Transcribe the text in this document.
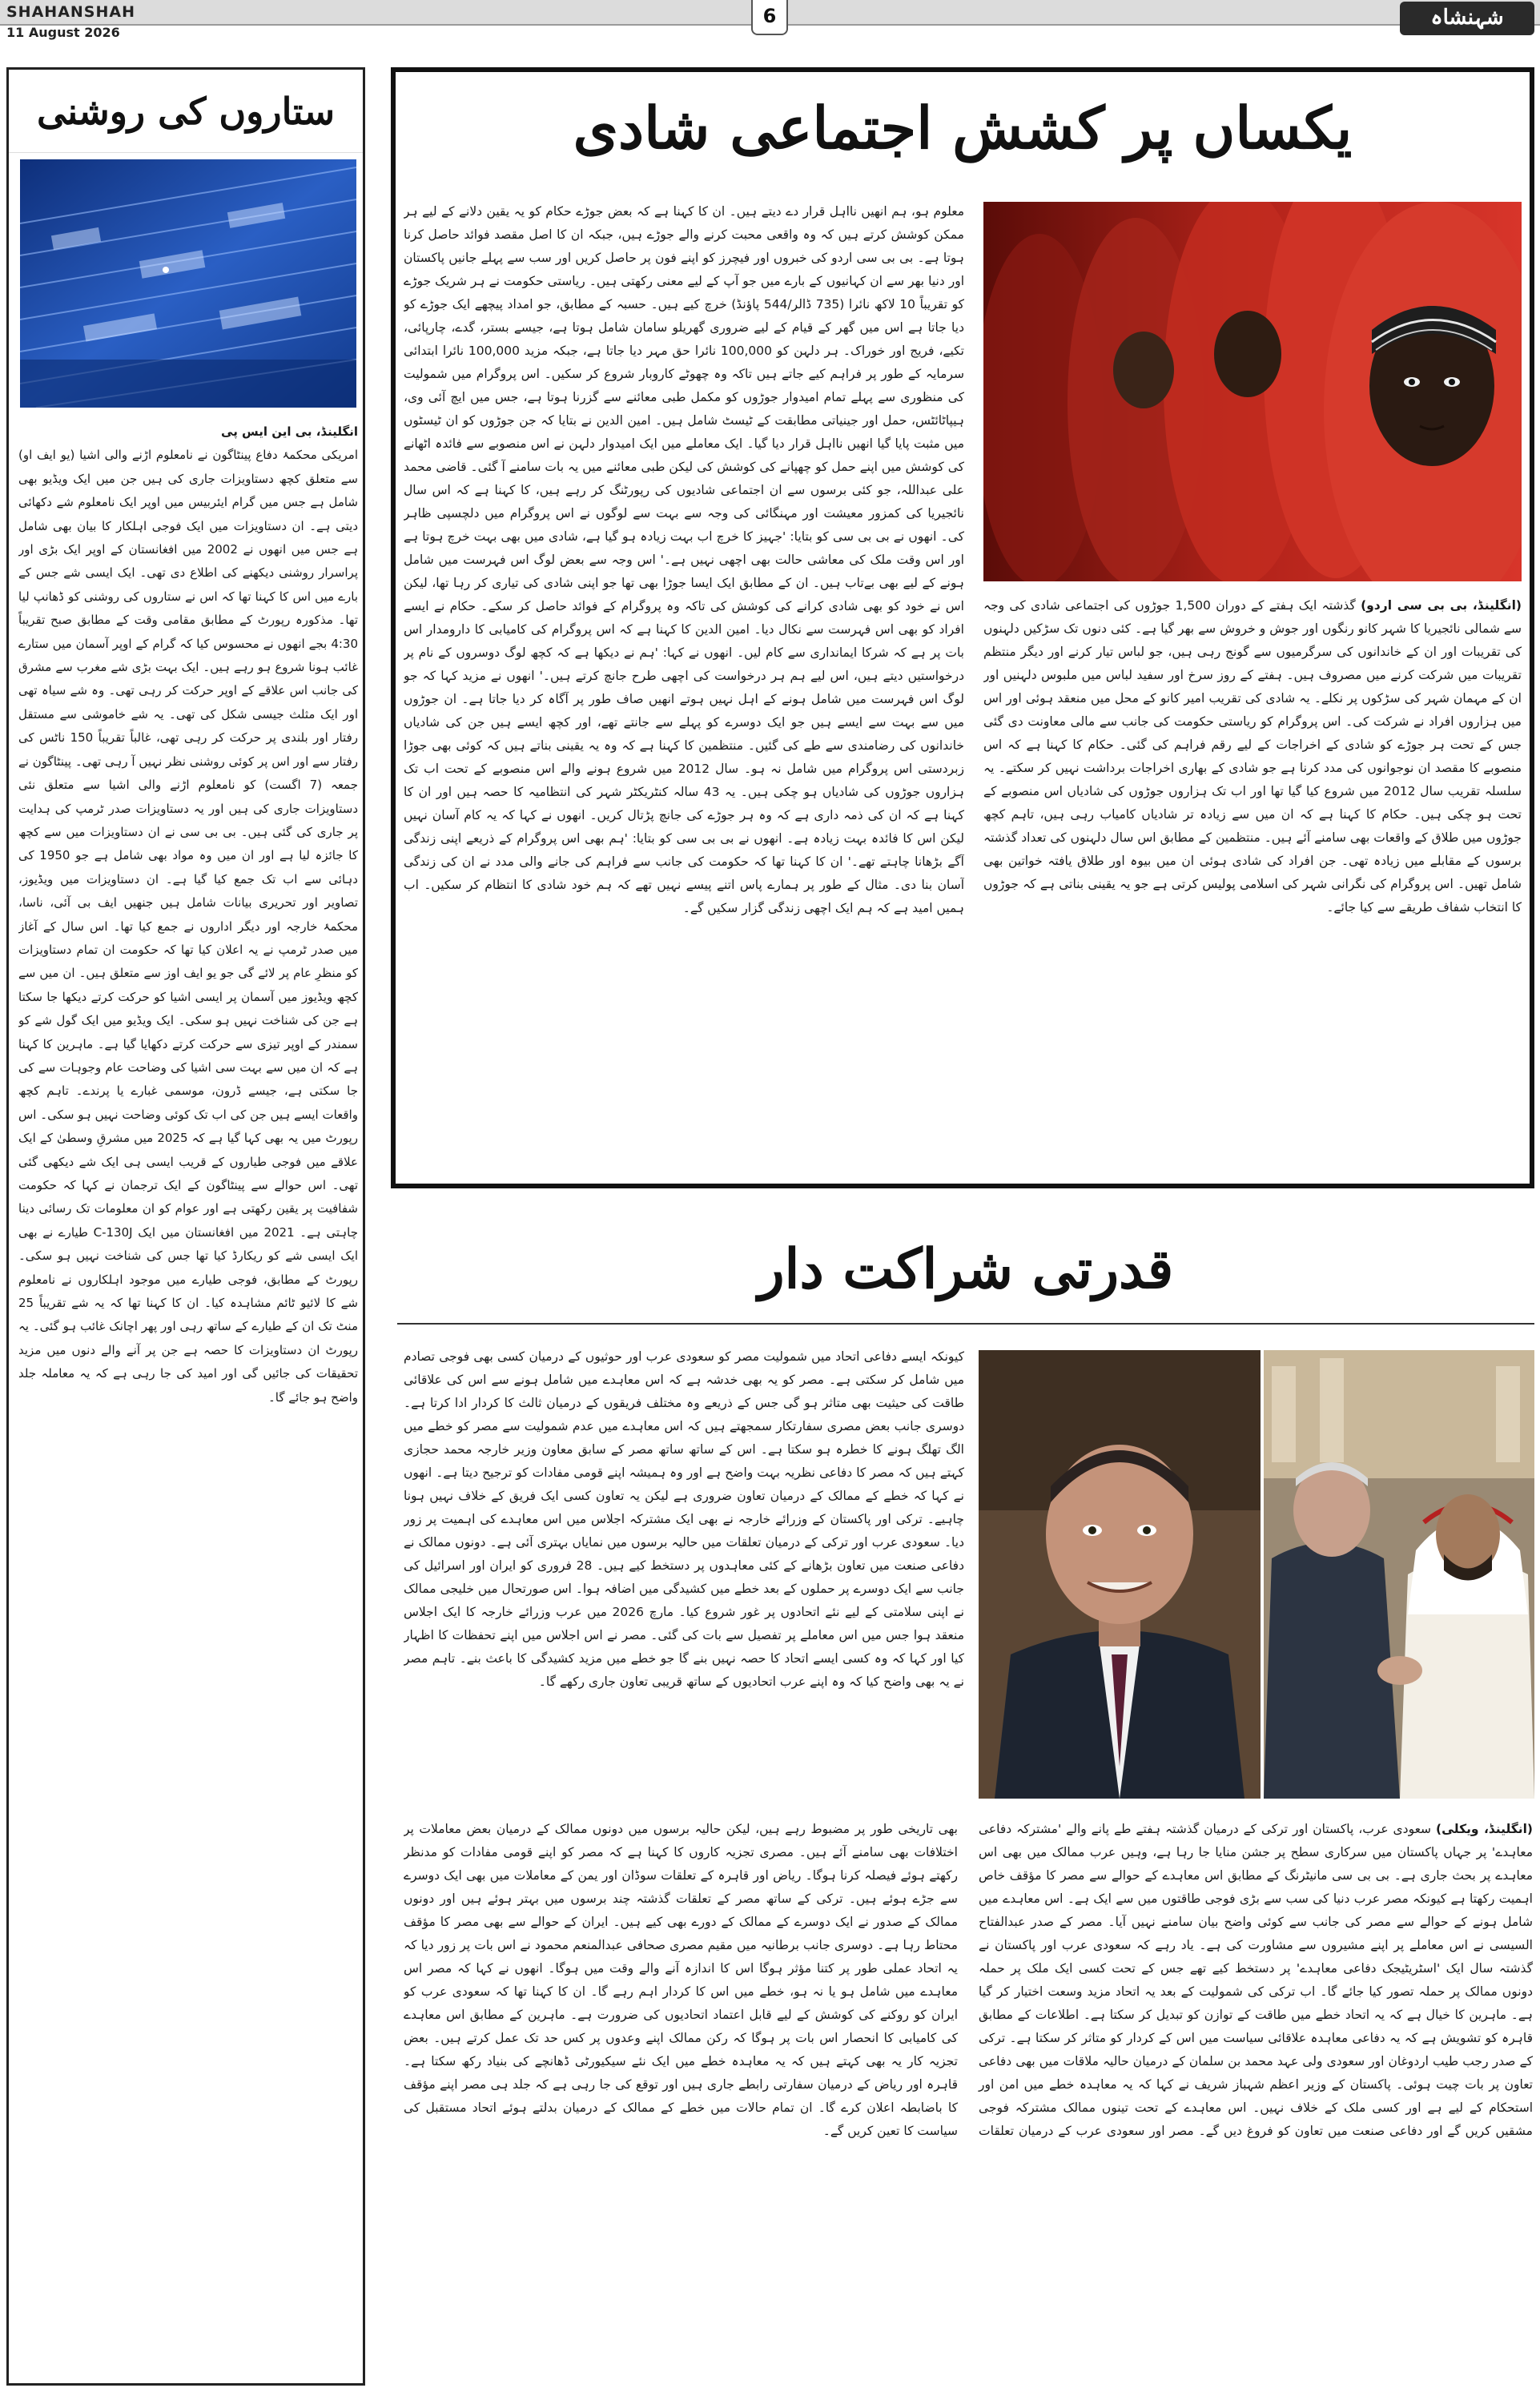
SHAHANSHAH
11 August 2026
6	شہنشاہ
ستاروں کی روشنی

انگلینڈ، بی این ایس پی

امریکی محکمۂ دفاع پینٹاگون نے نامعلوم اڑنے والی اشیا (یو ایف او) سے متعلق کچھ دستاویزات جاری کی ہیں جن میں ایک ویڈیو بھی شامل ہے جس میں گرام ایئربیس میں اوپر ایک نامعلوم شے دکھائی دیتی ہے۔ ان دستاویزات میں ایک فوجی اہلکار کا بیان بھی شامل ہے جس میں انھوں نے 2002 میں افغانستان کے اوپر ایک بڑی اور پراسرار روشنی دیکھنے کی اطلاع دی تھی۔ ایک ایسی شے جس کے بارے میں اس کا کہنا تھا کہ اس نے ستاروں کی روشنی کو ڈھانپ لیا تھا۔ مذکورہ رپورٹ کے مطابق مقامی وقت کے مطابق صبح تقریباً 4:30 بجے انھوں نے محسوس کیا کہ گرام کے اوپر آسمان میں ستارے غائب ہونا شروع ہو رہے ہیں۔ ایک بہت بڑی شے مغرب سے مشرق کی جانب اس علاقے کے اوپر حرکت کر رہی تھی۔ وہ شے سیاہ تھی اور ایک مثلث جیسی شکل کی تھی۔ یہ شے خاموشی سے مستقل رفتار اور بلندی پر حرکت کر رہی تھی، غالباً تقریباً 150 ناٹس کی رفتار سے اور اس پر کوئی روشنی نظر نہیں آ رہی تھی۔ پینٹاگون نے جمعہ (7 اگست) کو نامعلوم اڑنے والی اشیا سے متعلق نئی دستاویزات جاری کی ہیں اور یہ دستاویزات صدر ٹرمپ کی ہدایت پر جاری کی گئی ہیں۔ بی بی سی نے ان دستاویزات میں سے کچھ کا جائزہ لیا ہے اور ان میں وہ مواد بھی شامل ہے جو 1950 کی دہائی سے اب تک جمع کیا گیا ہے۔ ان دستاویزات میں ویڈیوز، تصاویر اور تحریری بیانات شامل ہیں جنھیں ایف بی آئی، ناسا، محکمۂ خارجہ اور دیگر اداروں نے جمع کیا تھا۔ اس سال کے آغاز میں صدر ٹرمپ نے یہ اعلان کیا تھا کہ حکومت ان تمام دستاویزات کو منظرِ عام پر لائے گی جو یو ایف اوز سے متعلق ہیں۔ ان میں سے کچھ ویڈیوز میں آسمان پر ایسی اشیا کو حرکت کرتے دیکھا جا سکتا ہے جن کی شناخت نہیں ہو سکی۔ ایک ویڈیو میں ایک گول شے کو سمندر کے اوپر تیزی سے حرکت کرتے دکھایا گیا ہے۔ ماہرین کا کہنا ہے کہ ان میں سے بہت سی اشیا کی وضاحت عام وجوہات سے کی جا سکتی ہے، جیسے ڈرون، موسمی غبارے یا پرندے۔ تاہم کچھ واقعات ایسے ہیں جن کی اب تک کوئی وضاحت نہیں ہو سکی۔ اس رپورٹ میں یہ بھی کہا گیا ہے کہ 2025 میں مشرقِ وسطیٰ کے ایک علاقے میں فوجی طیاروں کے قریب ایسی ہی ایک شے دیکھی گئی تھی۔ اس حوالے سے پینٹاگون کے ایک ترجمان نے کہا کہ حکومت شفافیت پر یقین رکھتی ہے اور عوام کو ان معلومات تک رسائی دینا چاہتی ہے۔ 2021 میں افغانستان میں ایک C-130J طیارے نے بھی ایک ایسی شے کو ریکارڈ کیا تھا جس کی شناخت نہیں ہو سکی۔ رپورٹ کے مطابق، فوجی طیارے میں موجود اہلکاروں نے نامعلوم شے کا لائیو ٹائم مشاہدہ کیا۔ ان کا کہنا تھا کہ یہ شے تقریباً 25 منٹ تک ان کے طیارے کے ساتھ رہی اور پھر اچانک غائب ہو گئی۔ یہ رپورٹ ان دستاویزات کا حصہ ہے جن پر آنے والے دنوں میں مزید تحقیقات کی جائیں گی اور امید کی جا رہی ہے کہ یہ معاملہ جلد واضح ہو جائے گا۔

یکساں پر کشش اجتماعی شادی

(انگلینڈ، بی بی سی اردو) گذشتہ ایک ہفتے کے دوران 1,500 جوڑوں کی اجتماعی شادی کی وجہ سے شمالی نائجیریا کا شہر کانو رنگوں اور جوش و خروش سے بھر گیا ہے۔ کئی دنوں تک سڑکیں دلہنوں کی تقریبات اور ان کے خاندانوں کی سرگرمیوں سے گونج رہی ہیں، جو لباس تیار کرنے اور دیگر منتظم تقریبات میں شرکت کرنے میں مصروف ہیں۔ ہفتے کے روز سرخ اور سفید لباس میں ملبوس دلہنیں اور ان کے مہمان شہر کی سڑکوں پر نکلے۔ یہ شادی کی تقریب امیر کانو کے محل میں منعقد ہوئی اور اس میں ہزاروں افراد نے شرکت کی۔ اس پروگرام کو ریاستی حکومت کی جانب سے مالی معاونت دی گئی جس کے تحت ہر جوڑے کو شادی کے اخراجات کے لیے رقم فراہم کی گئی۔ حکام کا کہنا ہے کہ اس منصوبے کا مقصد ان نوجوانوں کی مدد کرنا ہے جو شادی کے بھاری اخراجات برداشت نہیں کر سکتے۔ یہ سلسلہ تقریب سال 2012 میں شروع کیا گیا تھا اور اب تک ہزاروں جوڑوں کی شادیاں اس منصوبے کے تحت ہو چکی ہیں۔ حکام کا کہنا ہے کہ ان میں سے زیادہ تر شادیاں کامیاب رہی ہیں، تاہم کچھ جوڑوں میں طلاق کے واقعات بھی سامنے آئے ہیں۔ منتظمین کے مطابق اس سال دلہنوں کی تعداد گذشتہ برسوں کے مقابلے میں زیادہ تھی۔ جن افراد کی شادی ہوئی ان میں بیوہ اور طلاق یافتہ خواتین بھی شامل تھیں۔ اس پروگرام کی نگرانی شہر کی اسلامی پولیس کرتی ہے جو یہ یقینی بناتی ہے کہ جوڑوں کا انتخاب شفاف طریقے سے کیا جائے۔

معلوم ہو، ہم انھیں نااہل قرار دے دیتے ہیں۔ ان کا کہنا ہے کہ بعض جوڑے حکام کو یہ یقین دلانے کے لیے ہر ممکن کوشش کرتے ہیں کہ وہ واقعی محبت کرنے والے جوڑے ہیں، جبکہ ان کا اصل مقصد فوائد حاصل کرنا ہوتا ہے۔ بی بی سی اردو کی خبروں اور فیچرز کو اپنے فون پر حاصل کریں اور سب سے پہلے جانیں پاکستان اور دنیا بھر سے ان کہانیوں کے بارے میں جو آپ کے لیے معنی رکھتی ہیں۔ ریاستی حکومت نے ہر شریک جوڑے کو تقریباً 10 لاکھ نائرا (735 ڈالر/544 پاؤنڈ) خرچ کیے ہیں۔ حسبہ کے مطابق، جو امداد پیچھے ایک جوڑے کو دیا جاتا ہے اس میں گھر کے قیام کے لیے ضروری گھریلو سامان شامل ہوتا ہے، جیسے بستر، گدے، چارپائی، تکیے، فریج اور خوراک۔ ہر دلہن کو 100,000 نائرا حق مہر دیا جاتا ہے، جبکہ مزید 100,000 نائرا ابتدائی سرمایہ کے طور پر فراہم کیے جاتے ہیں تاکہ وہ چھوٹے کاروبار شروع کر سکیں۔ اس پروگرام میں شمولیت کی منظوری سے پہلے تمام امیدوار جوڑوں کو مکمل طبی معائنے سے گزرنا ہوتا ہے، جس میں ایچ آئی وی، ہیپاٹائٹس، حمل اور جینیاتی مطابقت کے ٹیسٹ شامل ہیں۔ امین الدین نے بتایا کہ جن جوڑوں کو ان ٹیسٹوں میں مثبت پایا گیا انھیں نااہل قرار دیا گیا۔ ایک معاملے میں ایک امیدوار دلہن نے اس منصوبے سے فائدہ اٹھانے کی کوشش میں اپنے حمل کو چھپانے کی کوشش کی لیکن طبی معائنے میں یہ بات سامنے آ گئی۔ قاضی محمد علی عبداللہ، جو کئی برسوں سے ان اجتماعی شادیوں کی رپورٹنگ کر رہے ہیں، کا کہنا ہے کہ اس سال نائجیریا کی کمزور معیشت اور مہنگائی کی وجہ سے بہت سے لوگوں نے اس پروگرام میں دلچسپی ظاہر کی۔ انھوں نے بی بی سی کو بتایا: 'جہیز کا خرچ اب بہت زیادہ ہو گیا ہے، شادی میں بھی بہت خرچ ہوتا ہے اور اس وقت ملک کی معاشی حالت بھی اچھی نہیں ہے۔' اس وجہ سے بعض لوگ اس فہرست میں شامل ہونے کے لیے بھی بےتاب ہیں۔ ان کے مطابق ایک ایسا جوڑا بھی تھا جو اپنی شادی کی تیاری کر رہا تھا، لیکن اس نے خود کو بھی شادی کرانے کی کوشش کی تاکہ وہ پروگرام کے فوائد حاصل کر سکے۔ حکام نے ایسے افراد کو بھی اس فہرست سے نکال دیا۔ امین الدین کا کہنا ہے کہ اس پروگرام کی کامیابی کا دارومدار اس بات پر ہے کہ شرکا ایمانداری سے کام لیں۔ انھوں نے کہا: 'ہم نے دیکھا ہے کہ کچھ لوگ دوسروں کے نام پر درخواستیں دیتے ہیں، اس لیے ہم ہر درخواست کی اچھی طرح جانچ کرتے ہیں۔' انھوں نے مزید کہا کہ جو لوگ اس فہرست میں شامل ہونے کے اہل نہیں ہوتے انھیں صاف طور پر آگاہ کر دیا جاتا ہے۔ ان جوڑوں میں سے بہت سے ایسے ہیں جو ایک دوسرے کو پہلے سے جانتے تھے، اور کچھ ایسے ہیں جن کی شادیاں خاندانوں کی رضامندی سے طے کی گئیں۔ منتظمین کا کہنا ہے کہ وہ یہ یقینی بناتے ہیں کہ کوئی بھی جوڑا زبردستی اس پروگرام میں شامل نہ ہو۔ سال 2012 میں شروع ہونے والے اس منصوبے کے تحت اب تک ہزاروں جوڑوں کی شادیاں ہو چکی ہیں۔ یہ 43 سالہ کنٹریکٹر شہر کی انتظامیہ کا حصہ ہیں اور ان کا کہنا ہے کہ ان کی ذمہ داری ہے کہ وہ ہر جوڑے کی جانچ پڑتال کریں۔ انھوں نے کہا کہ یہ کام آسان نہیں لیکن اس کا فائدہ بہت زیادہ ہے۔ انھوں نے بی بی سی کو بتایا: 'ہم بھی اس پروگرام کے ذریعے اپنی زندگی آگے بڑھانا چاہتے تھے۔' ان کا کہنا تھا کہ حکومت کی جانب سے فراہم کی جانے والی مدد نے ان کی زندگی آسان بنا دی۔ مثال کے طور پر ہمارے پاس اتنے پیسے نہیں تھے کہ ہم خود شادی کا انتظام کر سکیں۔ اب ہمیں امید ہے کہ ہم ایک اچھی زندگی گزار سکیں گے۔

قدرتی شراکت دار

کیونکہ ایسے دفاعی اتحاد میں شمولیت مصر کو سعودی عرب اور حوثیوں کے درمیان کسی بھی فوجی تصادم میں شامل کر سکتی ہے۔ مصر کو یہ بھی خدشہ ہے کہ اس معاہدے میں شامل ہونے سے اس کی علاقائی طاقت کی حیثیت بھی متاثر ہو گی جس کے ذریعے وہ مختلف فریقوں کے درمیان ثالث کا کردار ادا کرتا ہے۔ دوسری جانب بعض مصری سفارتکار سمجھتے ہیں کہ اس معاہدے میں عدم شمولیت سے مصر کو خطے میں الگ تھلگ ہونے کا خطرہ ہو سکتا ہے۔ اس کے ساتھ ساتھ مصر کے سابق معاون وزیر خارجہ محمد حجازی کہتے ہیں کہ مصر کا دفاعی نظریہ بہت واضح ہے اور وہ ہمیشہ اپنے قومی مفادات کو ترجیح دیتا ہے۔ انھوں نے کہا کہ خطے کے ممالک کے درمیان تعاون ضروری ہے لیکن یہ تعاون کسی ایک فریق کے خلاف نہیں ہونا چاہیے۔ ترکی اور پاکستان کے وزرائے خارجہ نے بھی ایک مشترکہ اجلاس میں اس معاہدے کی اہمیت پر زور دیا۔ سعودی عرب اور ترکی کے درمیان تعلقات میں حالیہ برسوں میں نمایاں بہتری آئی ہے۔ دونوں ممالک نے دفاعی صنعت میں تعاون بڑھانے کے کئی معاہدوں پر دستخط کیے ہیں۔ 28 فروری کو ایران اور اسرائیل کی جانب سے ایک دوسرے پر حملوں کے بعد خطے میں کشیدگی میں اضافہ ہوا۔ اس صورتحال میں خلیجی ممالک نے اپنی سلامتی کے لیے نئے اتحادوں پر غور شروع کیا۔ مارچ 2026 میں عرب وزرائے خارجہ کا ایک اجلاس منعقد ہوا جس میں اس معاملے پر تفصیل سے بات کی گئی۔ مصر نے اس اجلاس میں اپنے تحفظات کا اظہار کیا اور کہا کہ وہ کسی ایسے اتحاد کا حصہ نہیں بنے گا جو خطے میں مزید کشیدگی کا باعث بنے۔ تاہم مصر نے یہ بھی واضح کیا کہ وہ اپنے عرب اتحادیوں کے ساتھ قریبی تعاون جاری رکھے گا۔

(انگلینڈ، ویکلی) سعودی عرب، پاکستان اور ترکی کے درمیان گذشتہ ہفتے طے پانے والے 'مشترکہ دفاعی معاہدے' پر جہاں پاکستان میں سرکاری سطح پر جشن منایا جا رہا ہے، وہیں عرب ممالک میں بھی اس معاہدے پر بحث جاری ہے۔ بی بی سی مانیٹرنگ کے مطابق اس معاہدے کے حوالے سے مصر کا مؤقف خاص اہمیت رکھتا ہے کیونکہ مصر عرب دنیا کی سب سے بڑی فوجی طاقتوں میں سے ایک ہے۔ اس معاہدے میں شامل ہونے کے حوالے سے مصر کی جانب سے کوئی واضح بیان سامنے نہیں آیا۔ مصر کے صدر عبدالفتاح السیسی نے اس معاملے پر اپنے مشیروں سے مشاورت کی ہے۔ یاد رہے کہ سعودی عرب اور پاکستان نے گذشتہ سال ایک 'اسٹریٹیجک دفاعی معاہدے' پر دستخط کیے تھے جس کے تحت کسی ایک ملک پر حملہ دونوں ممالک پر حملہ تصور کیا جائے گا۔ اب ترکی کی شمولیت کے بعد یہ اتحاد مزید وسعت اختیار کر گیا ہے۔ ماہرین کا خیال ہے کہ یہ اتحاد خطے میں طاقت کے توازن کو تبدیل کر سکتا ہے۔ اطلاعات کے مطابق قاہرہ کو تشویش ہے کہ یہ دفاعی معاہدہ علاقائی سیاست میں اس کے کردار کو متاثر کر سکتا ہے۔ ترکی کے صدر رجب طیب اردوغان اور سعودی ولی عہد محمد بن سلمان کے درمیان حالیہ ملاقات میں بھی دفاعی تعاون پر بات چیت ہوئی۔ پاکستان کے وزیر اعظم شہباز شریف نے کہا کہ یہ معاہدہ خطے میں امن اور استحکام کے لیے ہے اور کسی ملک کے خلاف نہیں۔ اس معاہدے کے تحت تینوں ممالک مشترکہ فوجی مشقیں کریں گے اور دفاعی صنعت میں تعاون کو فروغ دیں گے۔ مصر اور سعودی عرب کے درمیان تعلقات بھی تاریخی طور پر مضبوط رہے ہیں، لیکن حالیہ برسوں میں دونوں ممالک کے درمیان بعض معاملات پر اختلافات بھی سامنے آئے ہیں۔ مصری تجزیہ کاروں کا کہنا ہے کہ مصر کو اپنے قومی مفادات کو مدنظر رکھتے ہوئے فیصلہ کرنا ہوگا۔ ریاض اور قاہرہ کے تعلقات سوڈان اور یمن کے معاملات میں بھی ایک دوسرے سے جڑے ہوئے ہیں۔ ترکی کے ساتھ مصر کے تعلقات گذشتہ چند برسوں میں بہتر ہوئے ہیں اور دونوں ممالک کے صدور نے ایک دوسرے کے ممالک کے دورے بھی کیے ہیں۔ ایران کے حوالے سے بھی مصر کا مؤقف محتاط رہا ہے۔ دوسری جانب برطانیہ میں مقیم مصری صحافی عبدالمنعم محمود نے اس بات پر زور دیا کہ یہ اتحاد عملی طور پر کتنا مؤثر ہوگا اس کا اندازہ آنے والے وقت میں ہوگا۔ انھوں نے کہا کہ مصر اس معاہدے میں شامل ہو یا نہ ہو، خطے میں اس کا کردار اہم رہے گا۔ ان کا کہنا تھا کہ سعودی عرب کو ایران کو روکنے کی کوشش کے لیے قابل اعتماد اتحادیوں کی ضرورت ہے۔ ماہرین کے مطابق اس معاہدے کی کامیابی کا انحصار اس بات پر ہوگا کہ رکن ممالک اپنے وعدوں پر کس حد تک عمل کرتے ہیں۔ بعض تجزیہ کار یہ بھی کہتے ہیں کہ یہ معاہدہ خطے میں ایک نئے سیکیورٹی ڈھانچے کی بنیاد رکھ سکتا ہے۔ قاہرہ اور ریاض کے درمیان سفارتی رابطے جاری ہیں اور توقع کی جا رہی ہے کہ جلد ہی مصر اپنے مؤقف کا باضابطہ اعلان کرے گا۔ ان تمام حالات میں خطے کے ممالک کے درمیان بدلتے ہوئے اتحاد مستقبل کی سیاست کا تعین کریں گے۔
